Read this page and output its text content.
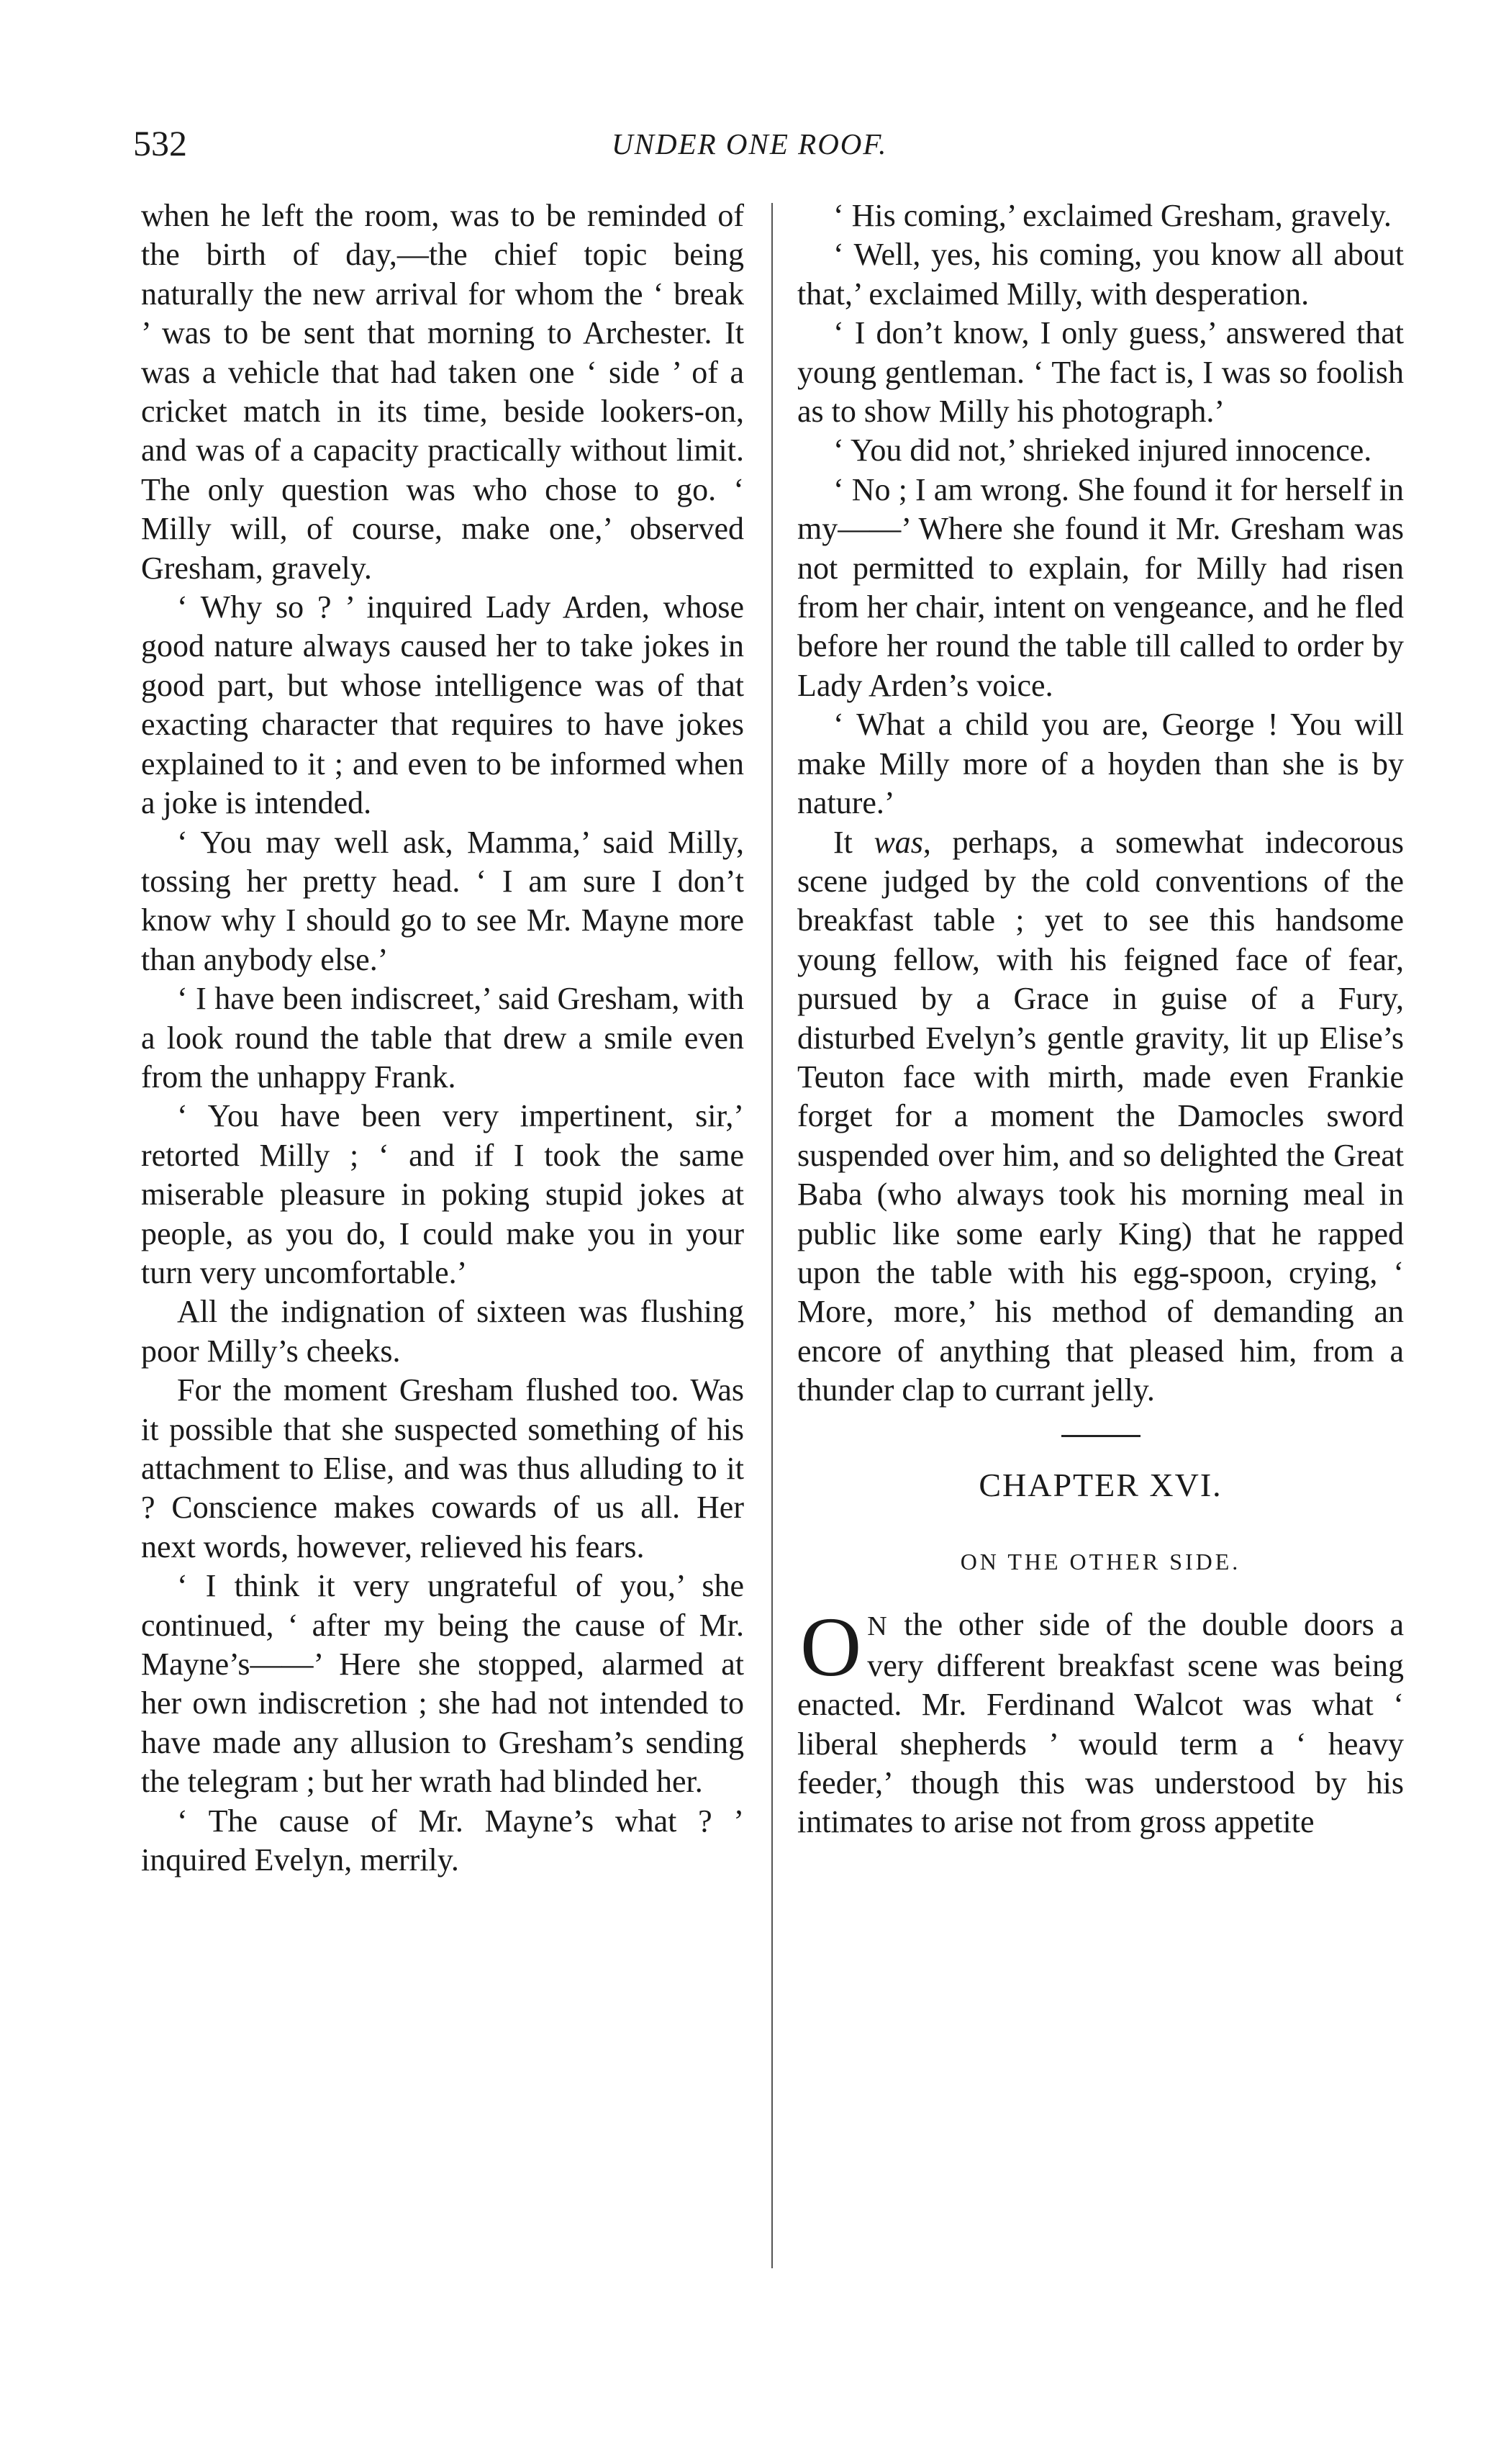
532	UNDER ONE ROOF.

when he left the room, was to be reminded of the birth of day,—the chief topic being naturally the new arrival for whom the ‘ break ’ was to be sent that morning to Archester. It was a vehicle that had taken one ‘ side ’ of a cricket match in its time, beside lookers-on, and was of a capacity practically without limit. The only question was who chose to go. ‘ Milly will, of course, make one,’ observed Gresham, gravely.

‘ Why so ? ’ inquired Lady Arden, whose good nature always caused her to take jokes in good part, but whose intelligence was of that exacting character that requires to have jokes explained to it ; and even to be informed when a joke is intended.

‘ You may well ask, Mamma,’ said Milly, tossing her pretty head. ‘ I am sure I don’t know why I should go to see Mr. Mayne more than anybody else.’

‘ I have been indiscreet,’ said Gresham, with a look round the table that drew a smile even from the unhappy Frank.

‘ You have been very impertinent, sir,’ retorted Milly ; ‘ and if I took the same miserable pleasure in poking stupid jokes at people, as you do, I could make you in your turn very uncomfortable.’

All the indignation of sixteen was flushing poor Milly’s cheeks.

For the moment Gresham flushed too. Was it possible that she suspected something of his attachment to Elise, and was thus alluding to it ? Conscience makes cowards of us all. Her next words, however, relieved his fears.

‘ I think it very ungrateful of you,’ she continued, ‘ after my being the cause of Mr. Mayne’s——’ Here she stopped, alarmed at her own indiscretion ; she had not intended to have made any allusion to Gresham’s sending the telegram ; but her wrath had blinded her.

‘ The cause of Mr. Mayne’s what ? ’ inquired Evelyn, merrily.

‘ His coming,’ exclaimed Gresham, gravely.

‘ Well, yes, his coming, you know all about that,’ exclaimed Milly, with desperation.

‘ I don’t know, I only guess,’ answered that young gentleman. ‘ The fact is, I was so foolish as to show Milly his photograph.’

‘ You did not,’ shrieked injured innocence.

‘ No ; I am wrong. She found it for herself in my——’ Where she found it Mr. Gresham was not permitted to explain, for Milly had risen from her chair, intent on vengeance, and he fled before her round the table till called to order by Lady Arden’s voice.

‘ What a child you are, George ! You will make Milly more of a hoyden than she is by nature.’

It was, perhaps, a somewhat indecorous scene judged by the cold conventions of the breakfast table ; yet to see this handsome young fellow, with his feigned face of fear, pursued by a Grace in guise of a Fury, disturbed Evelyn’s gentle gravity, lit up Elise’s Teuton face with mirth, made even Frankie forget for a moment the Damocles sword suspended over him, and so delighted the Great Baba (who always took his morning meal in public like some early King) that he rapped upon the table with his egg-spoon, crying, ‘ More, more,’ his method of demanding an encore of anything that pleased him, from a thunder clap to currant jelly.

CHAPTER XVI.
ON THE OTHER SIDE.

O N the other side of the double doors a very different breakfast scene was being enacted. Mr. Ferdinand Walcot was what ‘ liberal shepherds ’ would term a ‘ heavy feeder,’ though this was understood by his intimates to arise not from gross appetite
